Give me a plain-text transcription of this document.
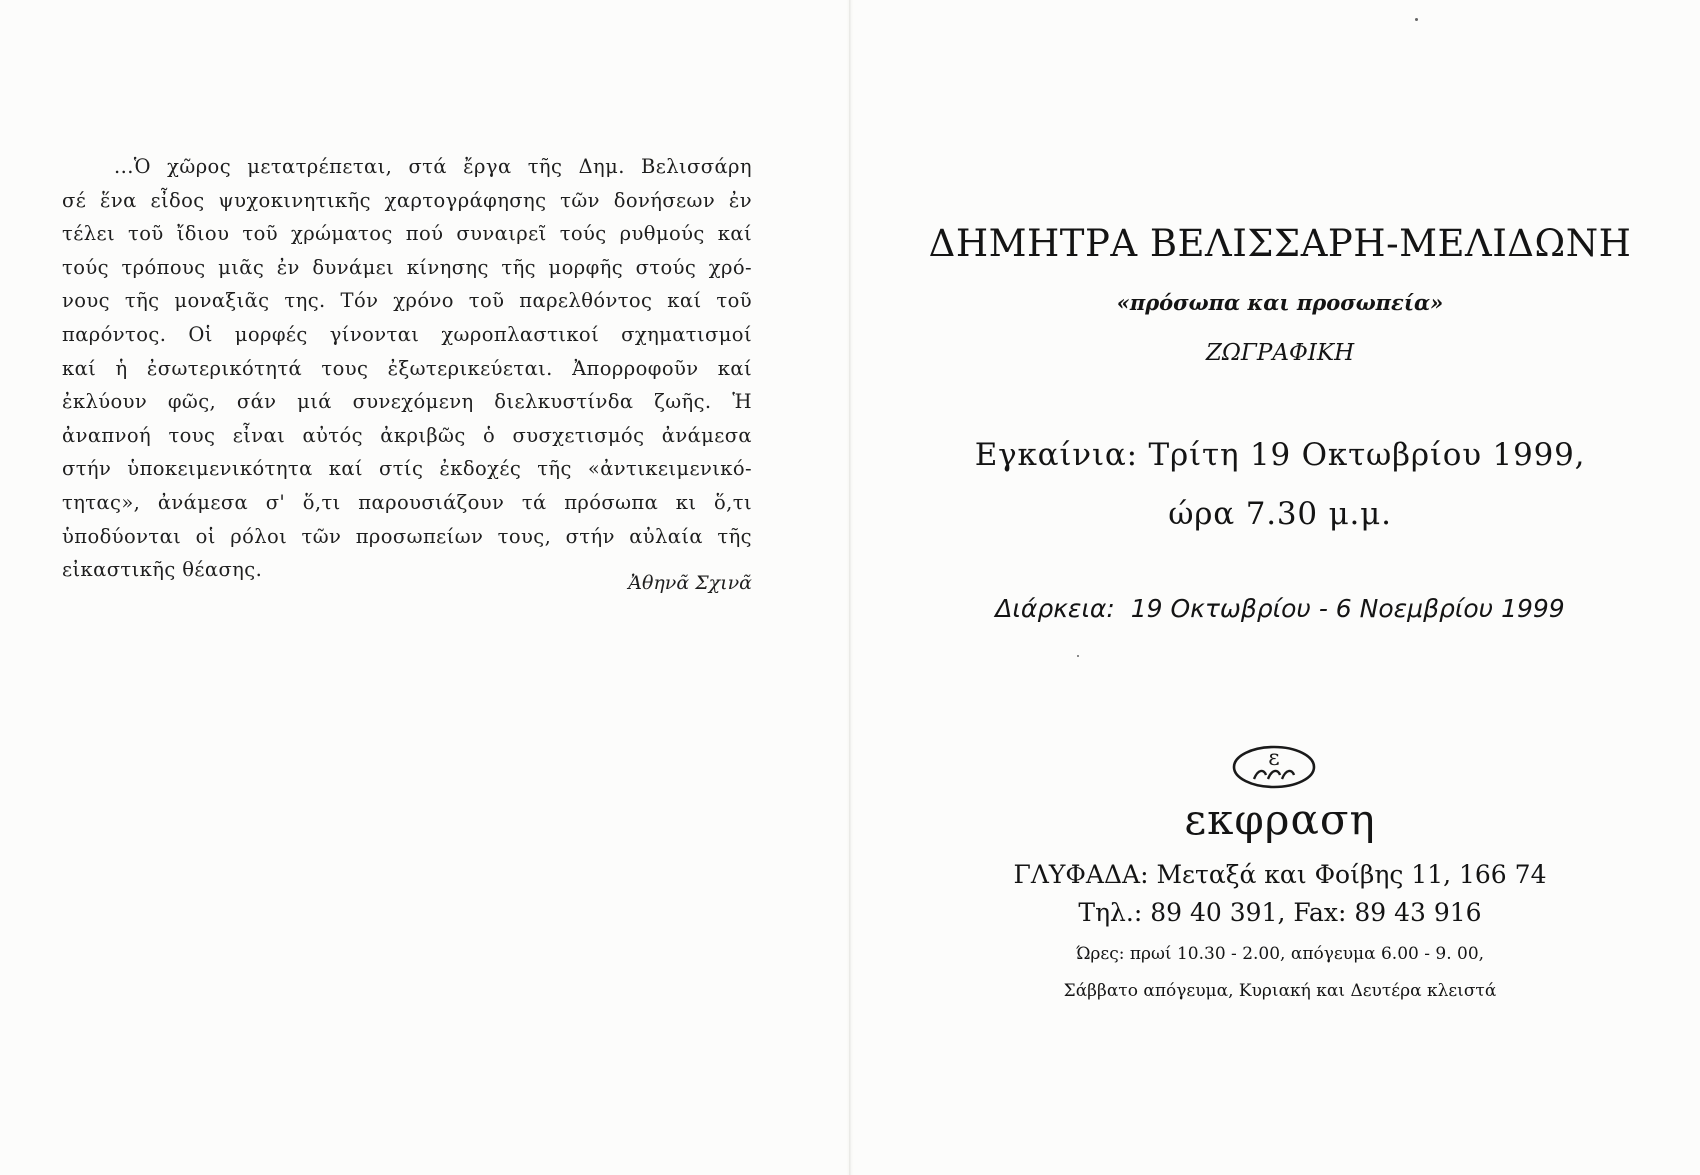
...Ὁ χῶρος μετατρέπεται, στά ἔργα τῆς Δημ. Βελισσάρη
σέ ἕνα εἶδος ψυχοκινητικῆς χαρτογράφησης τῶν δονήσεων ἐν
τέλει τοῦ ἴδιου τοῦ χρώματος πού συναιρεῖ τούς ρυθμούς καί
τούς τρόπους μιᾶς ἐν δυνάμει κίνησης τῆς μορφῆς στούς χρό-
νους τῆς μοναξιᾶς της. Τόν χρόνο τοῦ παρελθόντος καί τοῦ
παρόντος. Οἱ μορφές γίνονται χωροπλαστικοί σχηματισμοί
καί ἡ ἐσωτερικότητά τους ἐξωτερικεύεται. Ἀπορροφοῦν καί
ἐκλύουν φῶς, σάν μιά συνεχόμενη διελκυστίνδα ζωῆς. Ἡ
ἀναπνοή τους εἶναι αὐτός ἀκριβῶς ὁ συσχετισμός ἀνάμεσα
στήν ὑποκειμενικότητα καί στίς ἐκδοχές τῆς «ἀντικειμενικό-
τητας», ἀνάμεσα σ' ὅ,τι παρουσιάζουν τά πρόσωπα κι ὅ,τι
ὑποδύονται οἱ ρόλοι τῶν προσωπείων τους, στήν αὐλαία τῆς
εἰκαστικῆς θέασης.
Ἀθηνᾶ Σχινᾶ
ΔΗΜΗΤΡΑ ΒΕΛΙΣΣΑΡΗ-ΜΕΛΙΔΩΝΗ
«πρόσωπα και προσωπεία»
ΖΩΓΡΑΦΙΚΗ
Εγκαίνια: Τρίτη 19 Οκτωβρίου 1999,
ώρα 7.30 μ.μ.
Διάρκεια:  19 Οκτωβρίου - 6 Νοεμβρίου 1999
ε
εκφραση
ΓΛΥΦΑΔΑ: Μεταξά και Φοίβης 11, 166 74
Τηλ.: 89 40 391, Fax: 89 43 916
Ώρες: πρωί 10.30 - 2.00, απόγευμα 6.00 - 9. 00,
Σάββατο απόγευμα, Κυριακή και Δευτέρα κλειστά
